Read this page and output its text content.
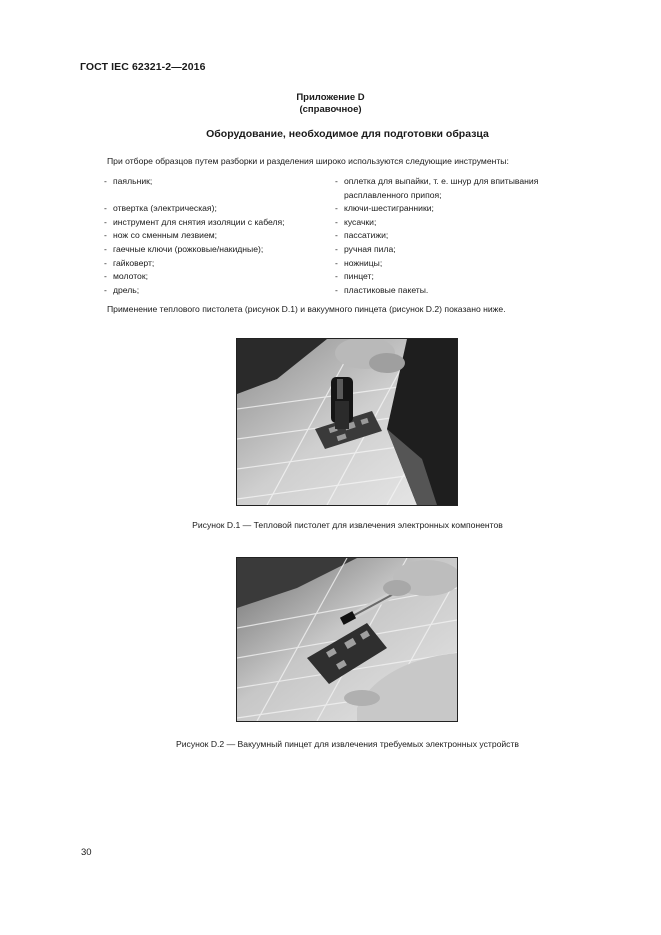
ГОСТ IEC 62321-2—2016
Приложение D
(справочное)
Оборудование, необходимое для подготовки образца
При отборе образцов путем разборки и разделения широко используются следующие инструменты:
- паяльник;
- отвертка (электрическая);
- инструмент для снятия изоляции с кабеля;
- нож со сменным лезвием;
- гаечные ключи (рожковые/накидные);
- гайковерт;
- молоток;
- дрель;
- оплетка для выпайки, т. е. шнур для впитывания
расплавленного припоя;
- ключи-шестигранники;
- кусачки;
- пассатижи;
- ручная пила;
- ножницы;
- пинцет;
- пластиковые пакеты.
Применение теплового пистолета (рисунок D.1) и вакуумного пинцета (рисунок D.2) показано ниже.
Рисунок D.1 — Тепловой пистолет для извлечения электронных компонентов
Рисунок D.2 — Вакуумный пинцет для извлечения требуемых электронных устройств
30
